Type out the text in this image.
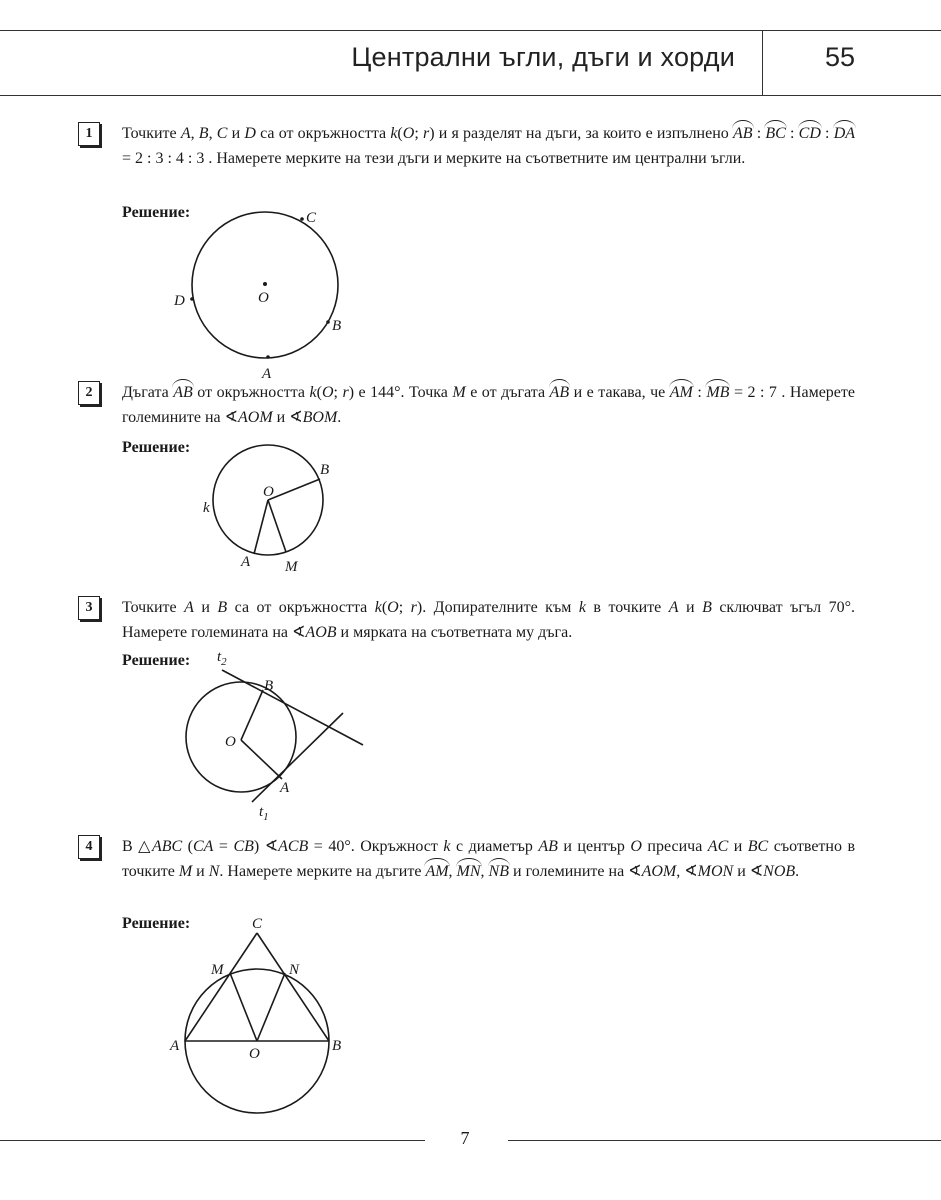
Централни ъгли, дъги и хорди	55
1	Точките A, B, C и D са от окръжността k(O; r) и я разделят на дъги, за които е изпълнено AB : BC : CD : DA = 2 : 3 : 4 : 3 . Намерете мерките на тези дъги и мерките на съответните им централни ъгли.
Решение:	C
D	O
B
A
2	Дъгата AB от окръжността k(O; r) е 144°. Точка M е от дъгата AB и е такава, че AM : MB = 2 : 7 . Намерете големините на ∢AOM и ∢BOM.
Решение:
B
O
k
A M
3	Точките A и B са от окръжността k(O; r). Допирателните към k в точките A и B сключват ъгъл 70°. Намерете големината на ∢AOB и мярката на съответната му дъга.
Решение: $t_2$
B
O
A
$t_1$
4	В △ABC (CA = CB) ∢ACB = 40°. Окръжност k с диаметър AB и център O пресича AC и BC съответно в точките M и N. Намерете мерките на дъгите AM, MN, NB и големините на ∢AOM, ∢MON и ∢NOB.
Решение:	C
M	N
A	O	B
7
